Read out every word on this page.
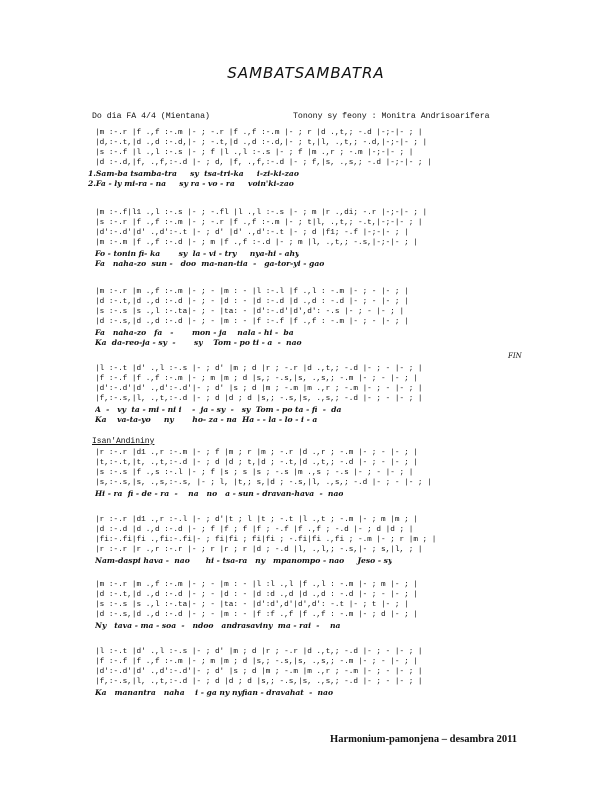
SAMBATSAMBATRA
Do dia FA 4/4 (Mientana)	Tonony sy feony : Monitra Andrisoarifera
FIN
Isan'Andininy
Harmonium-pamonjena – desambra 2011
|m :-.r |f .,f :-.m |- ; -.r |f .,f :-.m |- ; r |d .,t,; -.d |-;-|- ; |
|d,:-.t,|d .,d :-.d,|- ; -.t,|d .,d :-.d,|- ; t,|l, .,t,; -.d,|-;-|- ; |
|s :-.f |l .,l :-.s |- ; f |l .,l :-.s |- ; f |m .,r ; -.m |-;-|- ; |
|d :-.d,|f, .,f,:-.d |- ; d, |f, .,f,:-.d |- ; f,|s, .,s,; -.d |-;-|- ; |
1.Sam-ba tsamba-tra     sy  tsa-tri-ka     i-zi-ki-zao
2.Fa - ly mi-ra - na     sy ra - vo - ra     voin'ki-zao
|m :-.f|l1 .,l :-.s |- ; -.fl |l .,l :-.s |- ; m |r .,di; -.r |-;-|- ; |
|s :-.r |f .,f :-.m |- ; -.r |f .,f :-.m |- ; t|l, .,t,; -.t,|-;-|- ; |
|d':-.d'|d' .,d':-.t |- ; d' |d' .,d':-.t |- ; d |f1; -.f |-;-|- ; |
|m :-.m |f .,f :-.d |- ; m |f .,f :-.d |- ; m |l, .,t,; -.s,|-;-|- ; |
Fo - tonin fi- ka       sy  la - vi - try     nya-hi - ahy
Fa   naha-zo  sun -   doo  ma-nan-tia  -   ga-tor-yi - gao
|m :-.r |m .,f :-.m |- ; - |m : - |l :-.l |f .,l : -.m |- ; - |- ; |
|d :-.t,|d .,d :-.d |- ; - |d : - |d :-.d |d .,d : -.d |- ; - |- ; |
|s :-.s |s .,l :-.ta|- ; - |ta: - |d':-.d'|d',d': -.s |- ; - |- ; |
|d :-.s,|d .,d :-.d |- ; - |m : - |f :-.f |f .,f : -.m |- ; - |- ; |
Fa   naha-zo   fa   -       mon - ja    nala - hi -  ba
Ka  da-reo-ja - sy  -       sy    Tom - po ti - a  -  nao
|l :-.t |d' .,l :-.s |- ; d' |m ; d |r ; -.r |d .,t,; -.d |- ; - |- ; |
|f :-.f |f .,f :-.m |- ; m |m ; d |s,; -.s,|s, .,s,; -.m |- ; - |- ; |
|d':-.d'|d' .,d':-.d'|- ; d' |s ; d |m ; -.m |m .,r ; -.m |- ; - |- ; |
|f,:-.s,|l, .,t,:-.d |- ; d |d ; d |s,; -.s,|s, .,s,; -.d |- ; - |- ; |
A  -   vy  ta - mi - ni i    -  ja - sy  -   sy  Tom - po ta - fi  -  da
Ka    va-ta-yo     ny       ho- za - na  Ha - - la - lo - i - a
|r :-.r |d1 .,r :-.m |- ; f |m ; r |m ; -.r |d .,r ; -.m |- ; - |- ; |
|t,:-.t,|t, .,t,:-.d |- ; d |d ; t,|d ; -.t,|d .,t,; -.d |- ; - |- ; |
|s :-.s |f .,s :-.l |- ; f |s ; s |s ; -.s |m .,s ; -.s |- ; - |- ; |
|s,:-.s,|s, .,s,:-.s, |- ; l, |t,; s,|d ; -.s,|l, .,s,; -.d |- ; - |- ; |
Hi - ra  fi - de - ra  -    na   no   a - sun - dravan-hava  -  nao
|r :-.r |d1 .,r :-.l |- ; d'|t ; l |t ; -.t |l .,t ; -.m |- ; m |m ; |
|d :-.d |d .,d :-.d |- ; f |f ; f |f ; -.f |f .,f ; -.d |- ; d |d ; |
|fi:-.fi|fi .,fi:-.fi|- ; fi|fi ; fi|fi ; -.fi|fi .,fi ; -.m |- ; r |m ; |
|r :-.r |r .,r :-.r |- ; r |r ; r |d ; -.d |l, .,l,; -.s,|- ; s,|l, ; |
Nam-daspi hava -  nao      hi - tsa-ra   ny   mpanompo - nao     Jeso - sy
|m :-.r |m .,f :-.m |- ; - |m : - |l :l .,l |f .,l : -.m |- ; m |- ; |
|d :-.t,|d .,d :-.d |- ; - |d : - |d :d .,d |d .,d : -.d |- ; - |- ; |
|s :-.s |s .,l :-.ta|- ; - |ta: - |d':d',d'|d',d': -.t |- ; t |- ; |
|d :-.s,|d .,d :-.d |- ; - |m : - |f :f .,f |f .,f : -.m |- ; d |- ; |
Ny   tava - ma - soa  -   ndoo   andrasaviny  ma - rai  -    na
|l :-.t |d' .,l :-.s |- ; d' |m ; d |r ; -.r |d .,t,; -.d |- ; - |- ; |
|f :-.f |f .,f :-.m |- ; m |m ; d |s,; -.s,|s, .,s,; -.m |- ; - |- ; |
|d':-.d'|d' .,d':-.d'|- ; d' |s ; d |m ; -.m |m .,r ; -.m |- ; - |- ; |
|f,:-.s,|l, .,t,:-.d |- ; d |d ; d |s,; -.s,|s, .,s,; -.d |- ; - |- ; |
Ka   manantra   naha    i - ga ny nyfian - dravahat  -  nao
